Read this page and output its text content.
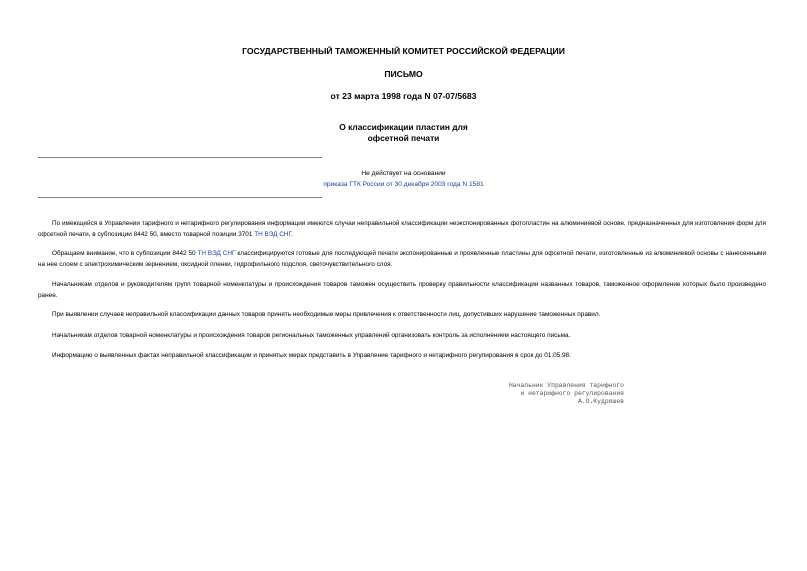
ГОСУДАРСТВЕННЫЙ ТАМОЖЕННЫЙ КОМИТЕТ РОССИЙСКОЙ ФЕДЕРАЦИИ
ПИСЬМО
от 23 марта 1998 года N 07-07/5683
О классификации пластин для
офсетной печати
Не действует на основании
приказа ГТК России от 30 декабря 2003 года N 1581

По имеющейся в Управлении тарифного и нетарифного регулирования информации имеются случаи неправильной классификации неэкспонированных фотопластин на алюминиевой основе, предназначенных для изготовления форм для офсетной печати, в субпозиции 8442 50, вместо товарной позиции 3701 ТН ВЭД СНГ.

Обращаем внимание, что в субпозиции 8442 50 ТН ВЭД СНГ классифицируются готовые для последующей печати экспонированные и проявленные пластины для офсетной печати, изготовленные из алюминиевой основы с нанесенными на нее слоем с электрохимическим зернением, оксидной пленки, гидрофильного подслоя, светочувствительного слоя.

Начальникам отделов и руководителям групп товарной номенклатуры и происхождения товаров таможен осуществить проверку правильности классификации названных товаров, таможенное оформление которых было произведено ранее.

При выявлении случаев неправильной классификации данных товаров принять необходимые меры привлечения к ответственности лиц, допустивших нарушение таможенных правил.

Начальникам отделов товарной номенклатуры и происхождения товаров региональных таможенных управлений организовать контроль за исполнением настоящего письма.

Информацию о выявленных фактах неправильной классификации и принятых мерах представить в Управление тарифного и нетарифного регулирования в срок до 01.05.98.

Начальник Управления тарифного
и нетарифного регулирования
А.О.Кудряшев
